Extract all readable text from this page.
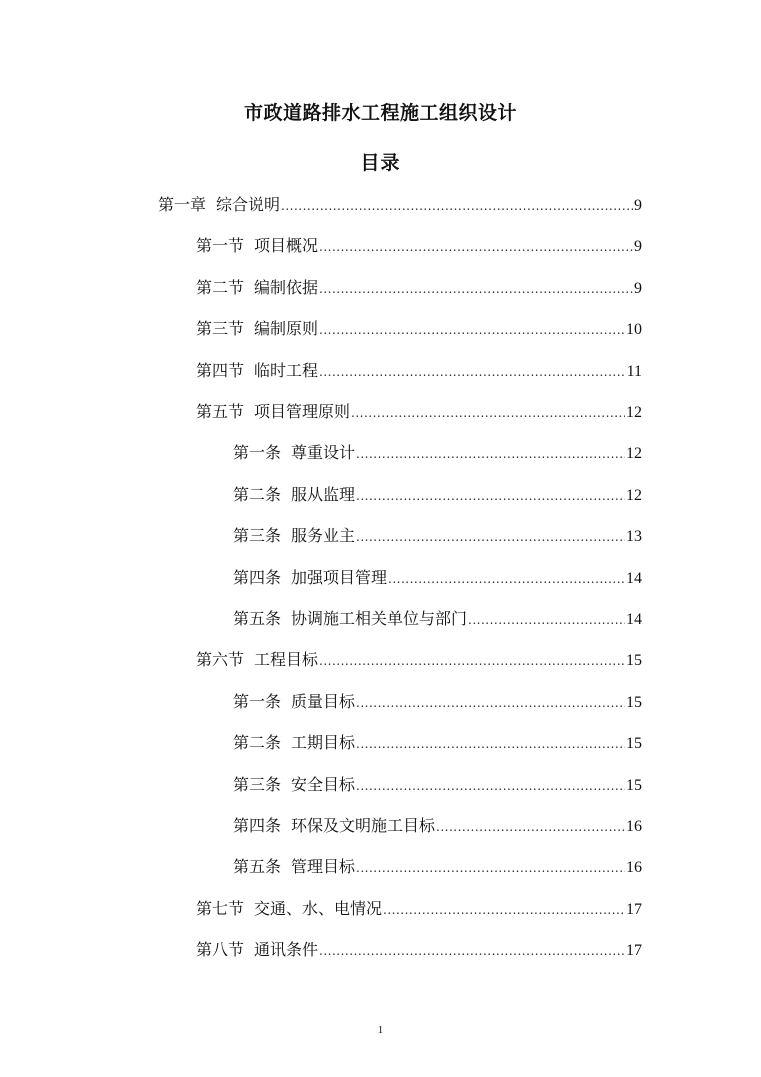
市政道路排水工程施工组织设计
目录
第一章 综合说明 .....	9
第一节 项目概况 .....	9
第二节 编制依据 .....	9
第三节 编制原则 .....	10
第四节 临时工程 .....	11
第五节 项目管理原则 .....	12
第一条 尊重设计 .....	12
第二条 服从监理 .....	12
第三条 服务业主 .....	13
第四条 加强项目管理 .....	14
第五条 协调施工相关单位与部门 .....	14
第六节 工程目标 .....	15
第一条 质量目标 .....	15
第二条 工期目标 .....	15
第三条 安全目标 .....	15
第四条 环保及文明施工目标 .....	16
第五条 管理目标 .....	16
第七节 交通、水、电情况 .....	17
第八节 通讯条件 .....	17
1
